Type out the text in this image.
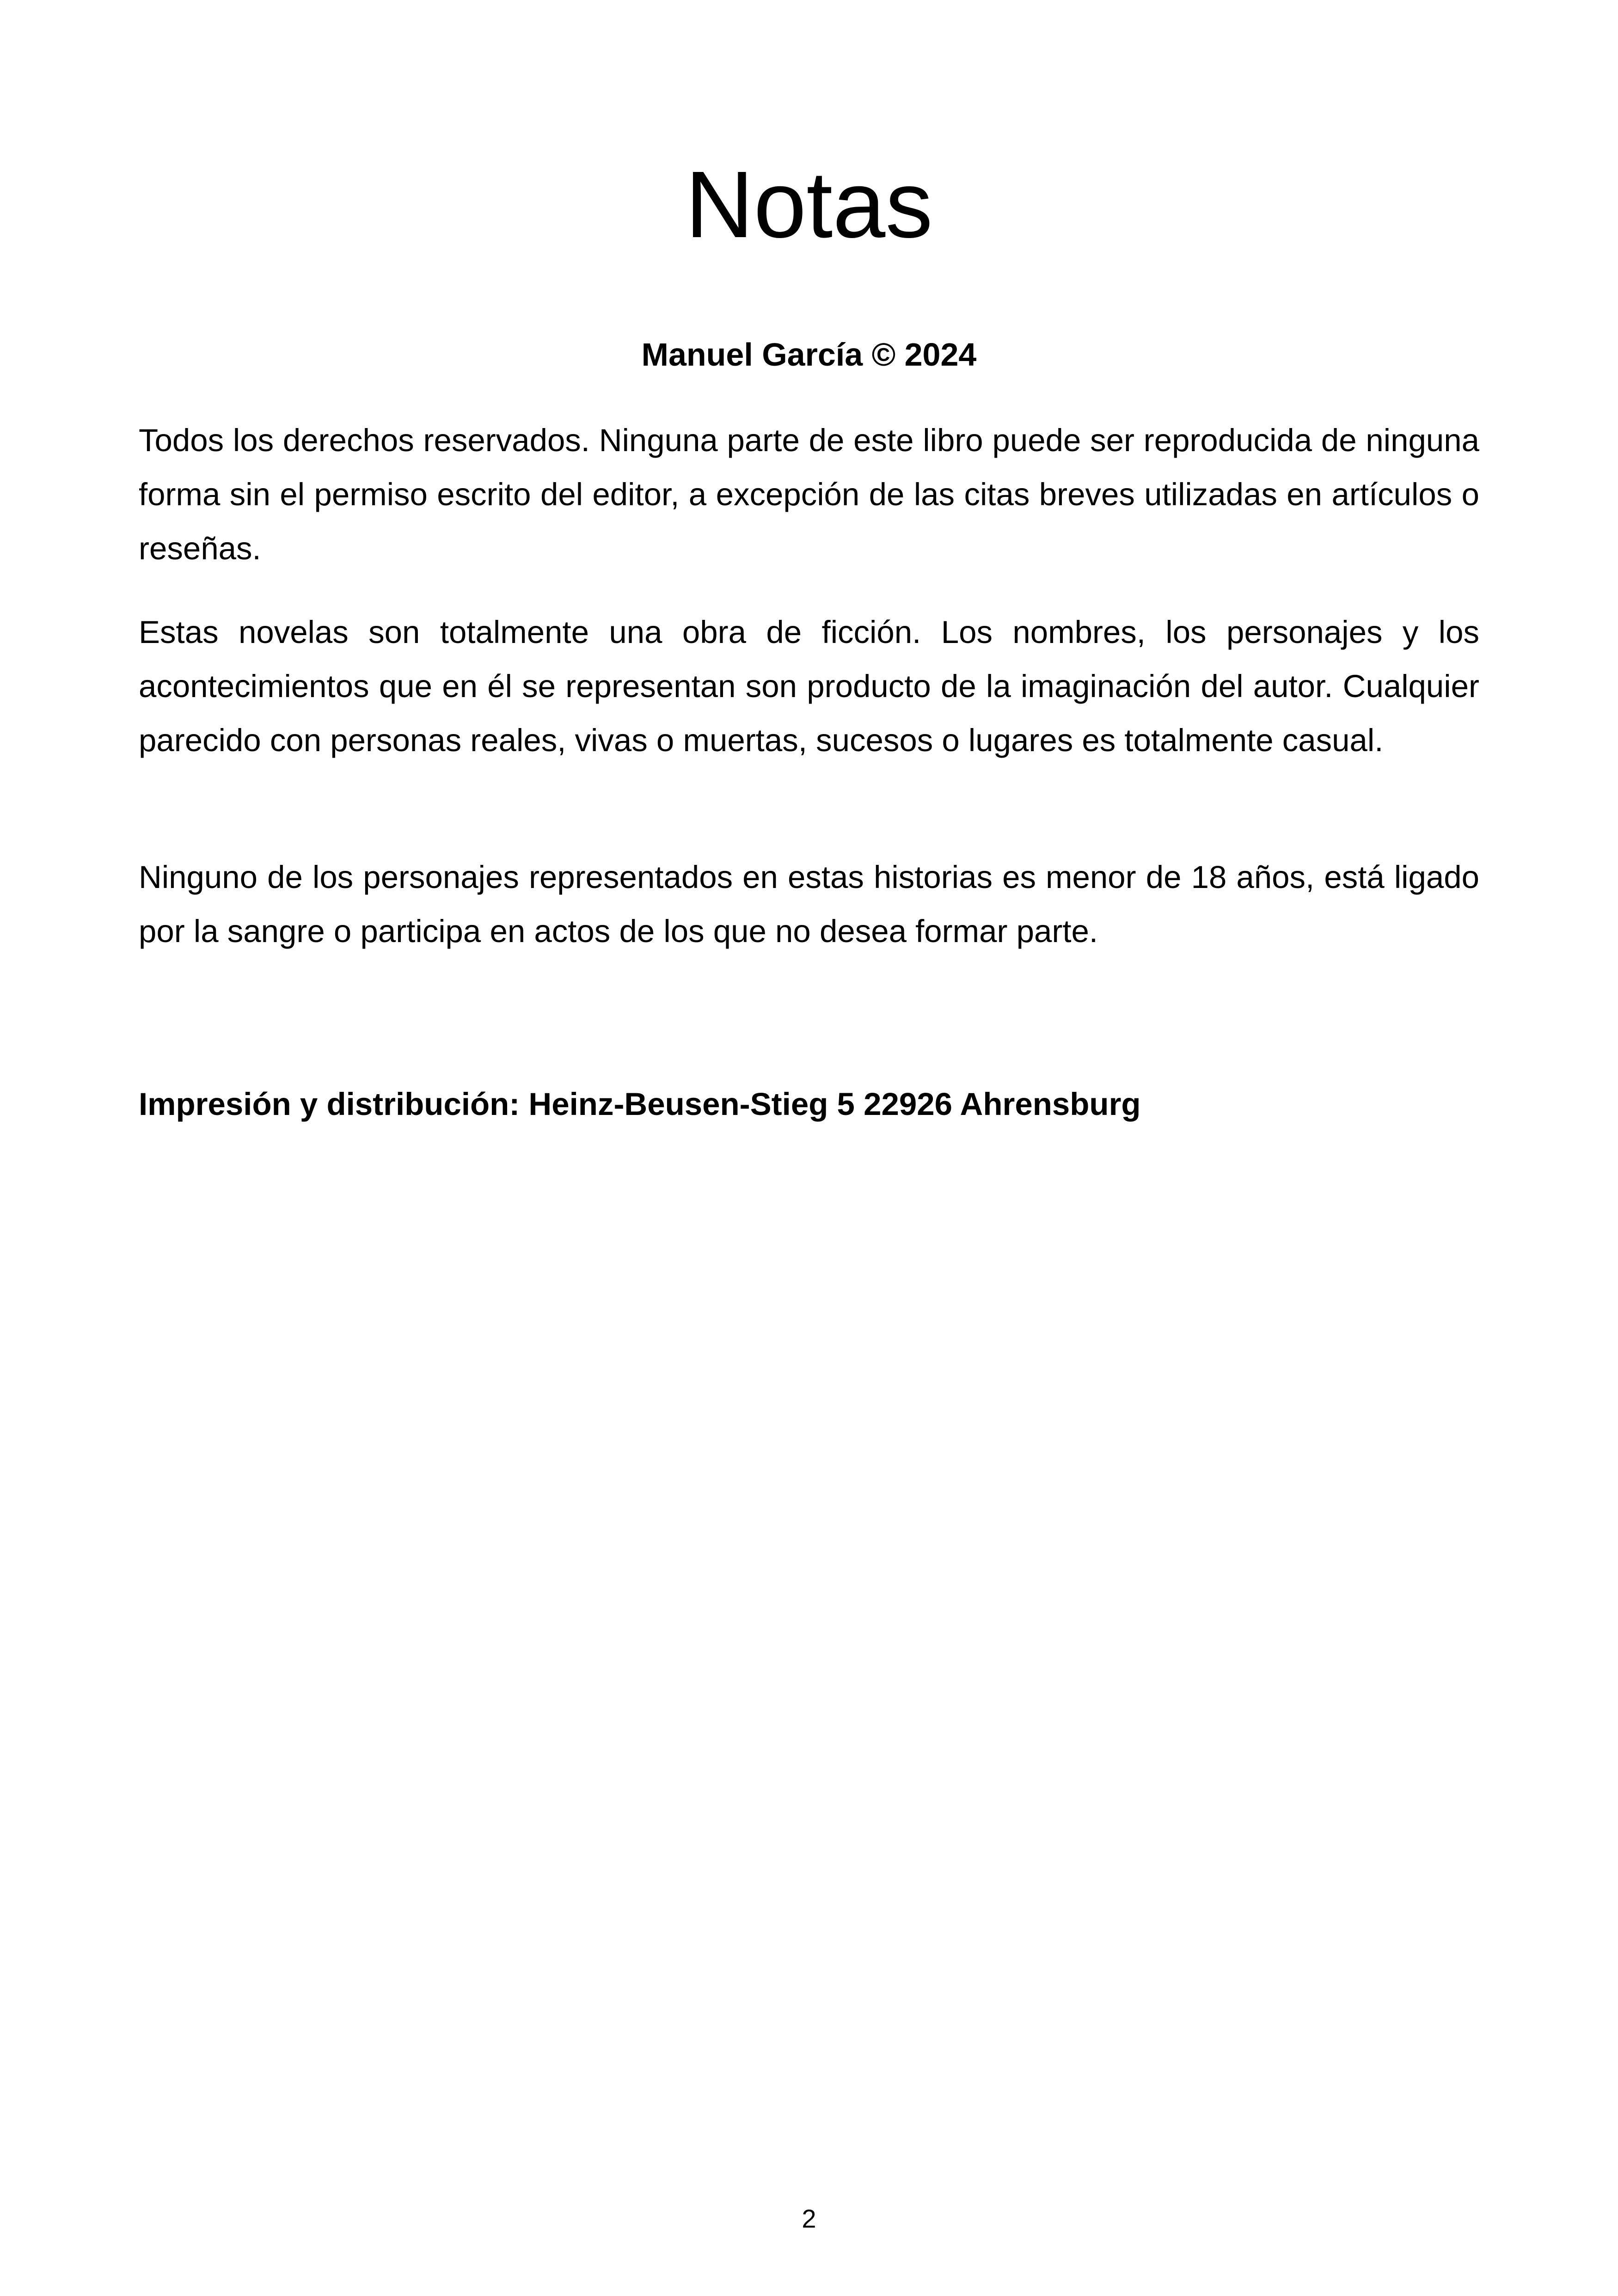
Notas

Manuel García © 2024

Todos los derechos reservados. Ninguna parte de este libro puede ser reproducida de ninguna forma sin el permiso escrito del editor, a excepción de las citas breves utilizadas en artículos o reseñas.

Estas novelas son totalmente una obra de ficción. Los nombres, los personajes y los acontecimientos que en él se representan son producto de la imaginación del autor. Cualquier parecido con personas reales, vivas o muertas, sucesos o lugares es totalmente casual.

Ninguno de los personajes representados en estas historias es menor de 18 años, está ligado por la sangre o participa en actos de los que no desea formar parte.

Impresión y distribución: Heinz-Beusen-Stieg 5 22926 Ahrensburg

2
